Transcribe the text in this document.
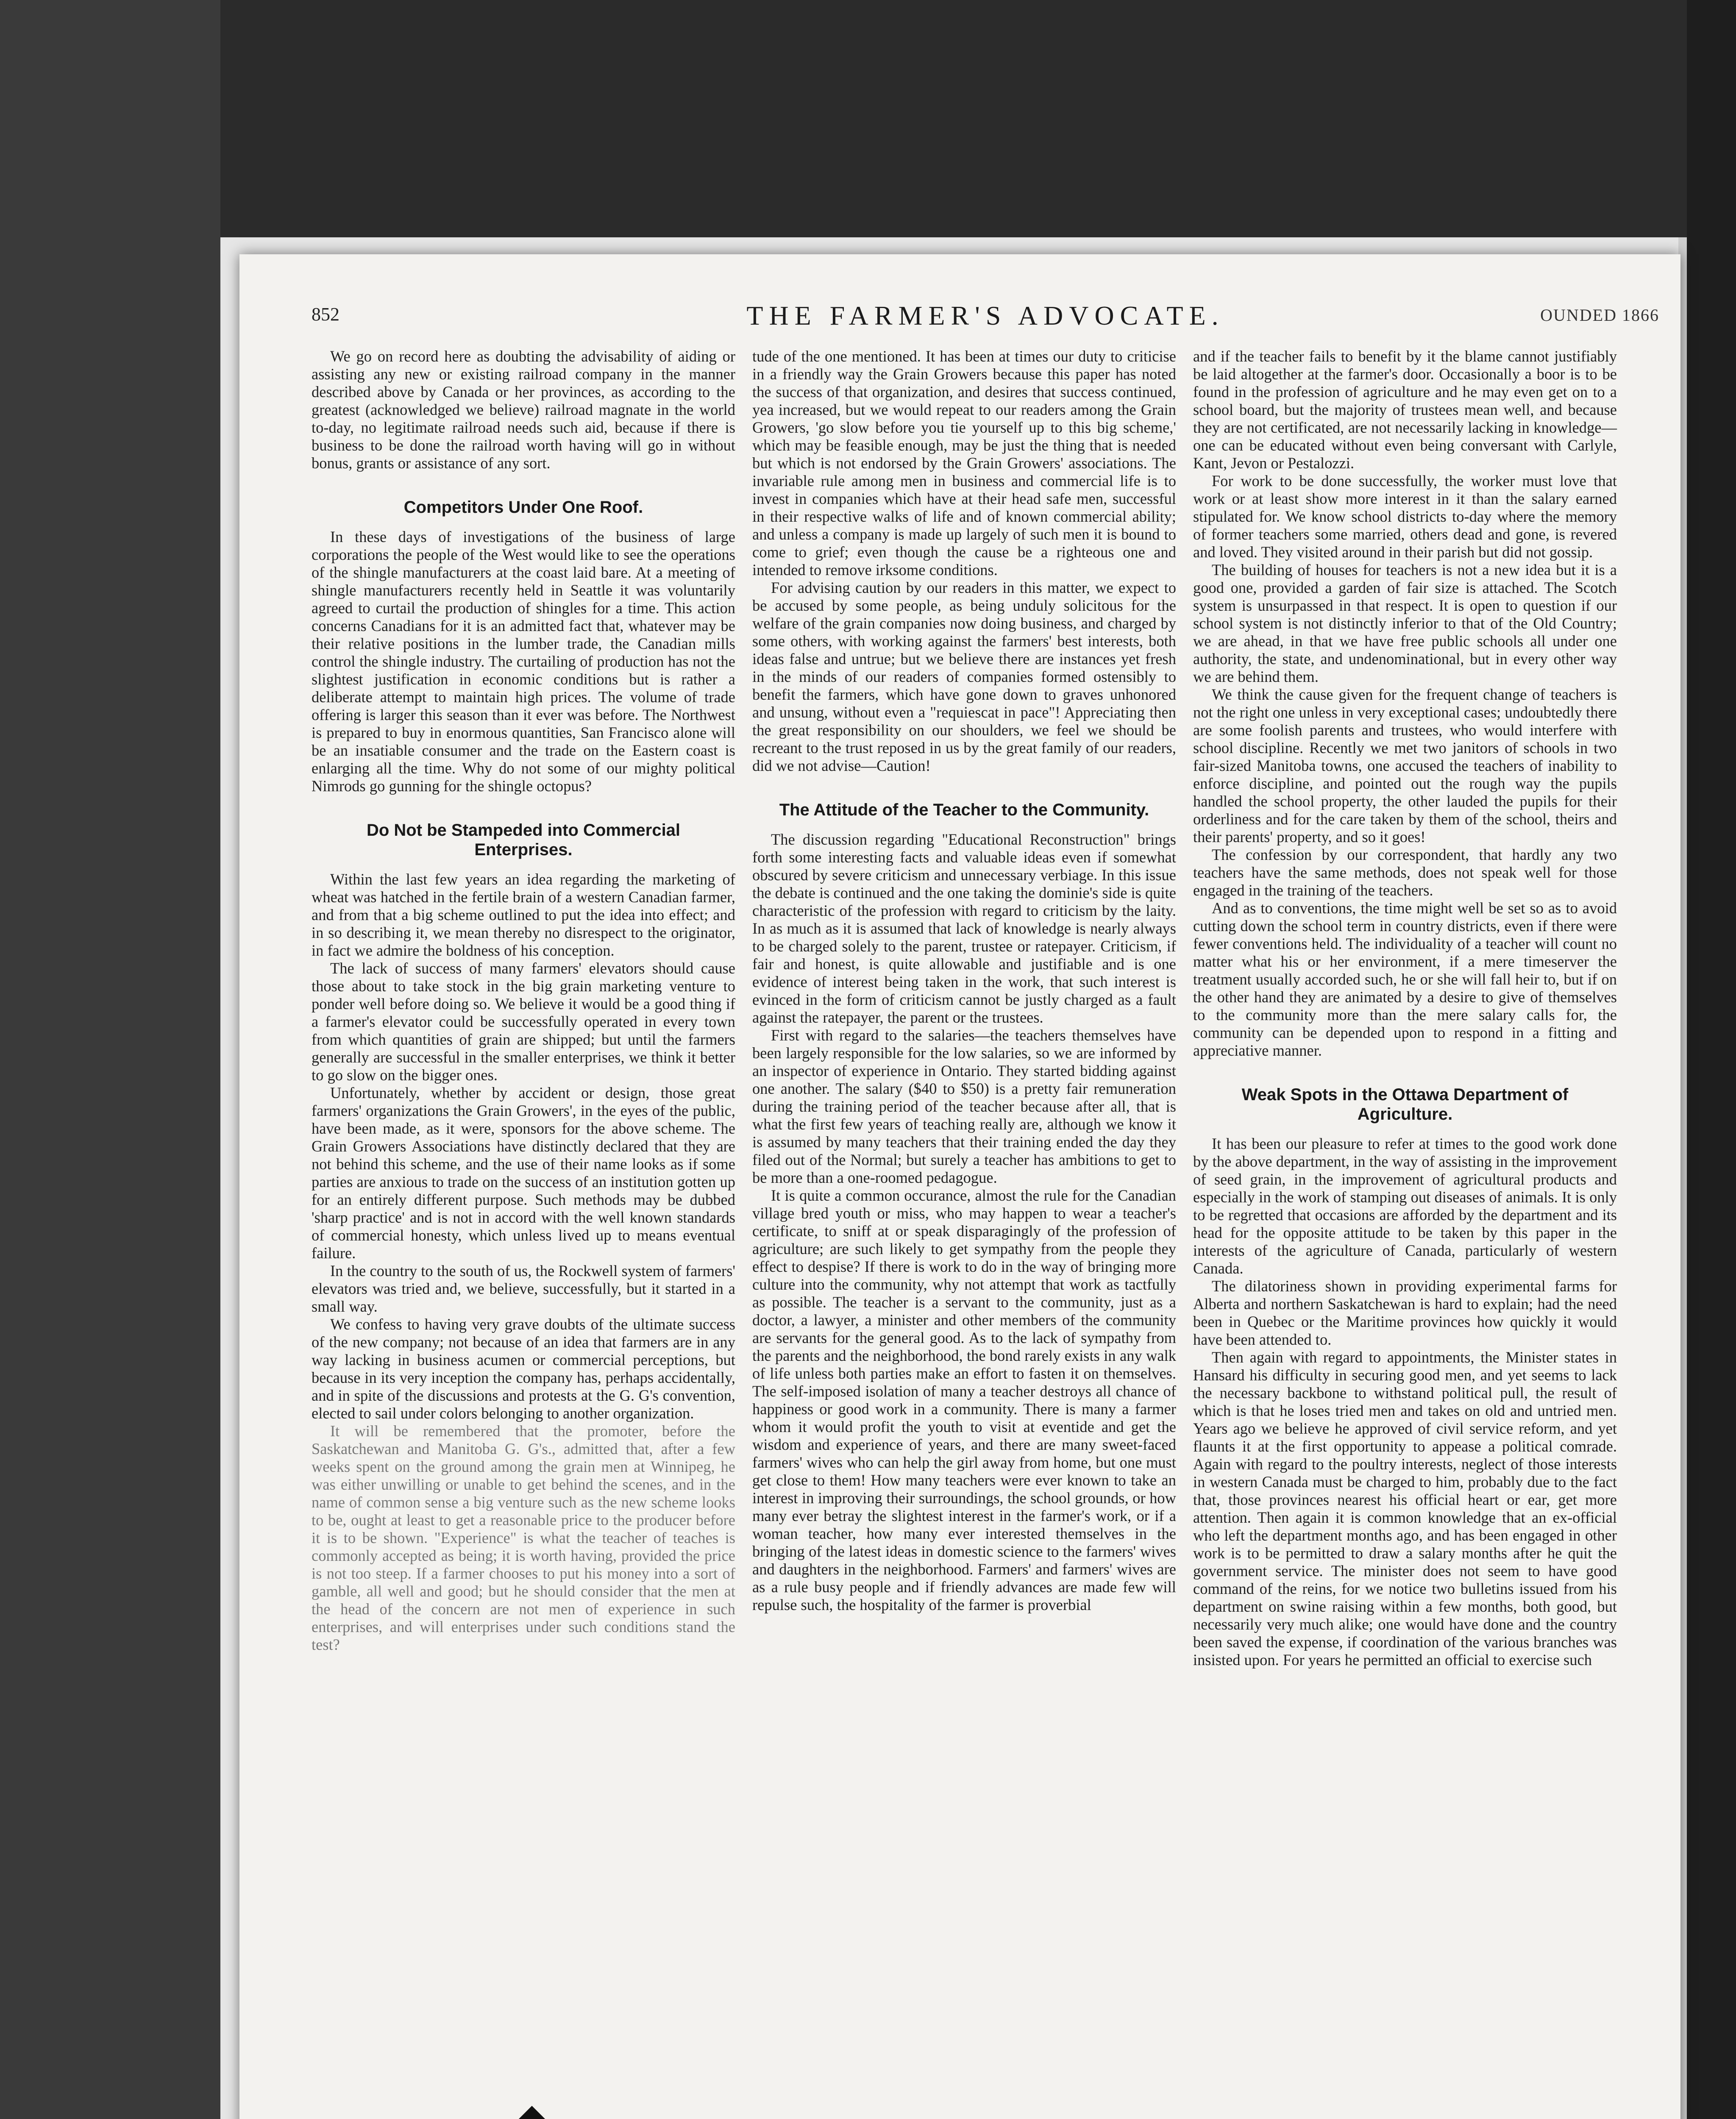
852	THE FARMER'S ADVOCATE.	OUNDED 1866

We go on record here as doubting the advisability of aiding or assisting any new or existing railroad company in the manner described above by Canada or her provinces, as according to the greatest (acknowledged we believe) railroad magnate in the world to-day, no legitimate railroad needs such aid, because if there is business to be done the railroad worth having will go in without bonus, grants or assistance of any sort.

Competitors Under One Roof.

In these days of investigations of the business of large corporations the people of the West would like to see the operations of the shingle manufacturers at the coast laid bare. At a meeting of shingle manufacturers recently held in Seattle it was voluntarily agreed to curtail the production of shingles for a time. This action concerns Canadians for it is an admitted fact that, whatever may be their relative positions in the lumber trade, the Canadian mills control the shingle industry. The curtailing of production has not the slightest justification in economic conditions but is rather a deliberate attempt to maintain high prices. The volume of trade offering is larger this season than it ever was before. The Northwest is prepared to buy in enormous quantities, San Francisco alone will be an insatiable consumer and the trade on the Eastern coast is enlarging all the time. Why do not some of our mighty political Nimrods go gunning for the shingle octopus?

Do Not be Stampeded into Commercial Enterprises.

Within the last few years an idea regarding the marketing of wheat was hatched in the fertile brain of a western Canadian farmer, and from that a big scheme outlined to put the idea into effect; and in so describing it, we mean thereby no disrespect to the originator, in fact we admire the boldness of his conception.

The lack of success of many farmers' elevators should cause those about to take stock in the big grain marketing venture to ponder well before doing so. We believe it would be a good thing if a farmer's elevator could be successfully operated in every town from which quantities of grain are shipped; but until the farmers generally are successful in the smaller enterprises, we think it better to go slow on the bigger ones.

Unfortunately, whether by accident or design, those great farmers' organizations the Grain Growers', in the eyes of the public, have been made, as it were, sponsors for the above scheme. The Grain Growers Associations have distinctly declared that they are not behind this scheme, and the use of their name looks as if some parties are anxious to trade on the success of an institution gotten up for an entirely different purpose. Such methods may be dubbed 'sharp practice' and is not in accord with the well known standards of commercial honesty, which unless lived up to means eventual failure.

In the country to the south of us, the Rockwell system of farmers' elevators was tried and, we believe, successfully, but it started in a small way.

We confess to having very grave doubts of the ultimate success of the new company; not because of an idea that farmers are in any way lacking in business acumen or commercial perceptions, but because in its very inception the company has, perhaps accidentally, and in spite of the discussions and protests at the G. G's convention, elected to sail under colors belonging to another organization.

It will be remembered that the promoter, before the Saskatchewan and Manitoba G. G's., admitted that, after a few weeks spent on the ground among the grain men at Winnipeg, he was either unwilling or unable to get behind the scenes, and in the name of common sense a big venture such as the new scheme looks to be, ought at least to get a reasonable price to the producer before it is to be shown. "Experience" is what the teacher of teaches is commonly accepted as being; it is worth having, provided the price is not too steep. If a farmer chooses to put his money into a sort of gamble, all well and good; but he should consider that the men at the head of the concern are not men of experience in such enterprises, and will enterprises under such conditions stand the test?

tude of the one mentioned. It has been at times our duty to criticise in a friendly way the Grain Growers because this paper has noted the success of that organization, and desires that success continued, yea increased, but we would repeat to our readers among the Grain Growers, 'go slow before you tie yourself up to this big scheme,' which may be feasible enough, may be just the thing that is needed but which is not endorsed by the Grain Growers' associations. The invariable rule among men in business and commercial life is to invest in companies which have at their head safe men, successful in their respective walks of life and of known commercial ability; and unless a company is made up largely of such men it is bound to come to grief; even though the cause be a righteous one and intended to remove irksome conditions.

For advising caution by our readers in this matter, we expect to be accused by some people, as being unduly solicitous for the welfare of the grain companies now doing business, and charged by some others, with working against the farmers' best interests, both ideas false and untrue; but we believe there are instances yet fresh in the minds of our readers of companies formed ostensibly to benefit the farmers, which have gone down to graves unhonored and unsung, without even a "requiescat in pace"! Appreciating then the great responsibility on our shoulders, we feel we should be recreant to the trust reposed in us by the great family of our readers, did we not advise—Caution!

The Attitude of the Teacher to the Community.

The discussion regarding "Educational Reconstruction" brings forth some interesting facts and valuable ideas even if somewhat obscured by severe criticism and unnecessary verbiage. In this issue the debate is continued and the one taking the dominie's side is quite characteristic of the profession with regard to criticism by the laity. In as much as it is assumed that lack of knowledge is nearly always to be charged solely to the parent, trustee or ratepayer. Criticism, if fair and honest, is quite allowable and justifiable and is one evidence of interest being taken in the work, that such interest is evinced in the form of criticism cannot be justly charged as a fault against the ratepayer, the parent or the trustees.

First with regard to the salaries—the teachers themselves have been largely responsible for the low salaries, so we are informed by an inspector of experience in Ontario. They started bidding against one another. The salary ($40 to $50) is a pretty fair remuneration during the training period of the teacher because after all, that is what the first few years of teaching really are, although we know it is assumed by many teachers that their training ended the day they filed out of the Normal; but surely a teacher has ambitions to get to be more than a one-roomed pedagogue.

It is quite a common occurance, almost the rule for the Canadian village bred youth or miss, who may happen to wear a teacher's certificate, to sniff at or speak disparagingly of the profession of agriculture; are such likely to get sympathy from the people they effect to despise? If there is work to do in the way of bringing more culture into the community, why not attempt that work as tactfully as possible. The teacher is a servant to the community, just as a doctor, a lawyer, a minister and other members of the community are servants for the general good. As to the lack of sympathy from the parents and the neighborhood, the bond rarely exists in any walk of life unless both parties make an effort to fasten it on themselves. The self-imposed isolation of many a teacher destroys all chance of happiness or good work in a community. There is many a farmer whom it would profit the youth to visit at eventide and get the wisdom and experience of years, and there are many sweet-faced farmers' wives who can help the girl away from home, but one must get close to them! How many teachers were ever known to take an interest in improving their surroundings, the school grounds, or how many ever betray the slightest interest in the farmer's work, or if a woman teacher, how many ever interested themselves in the bringing of the latest ideas in domestic science to the farmers' wives and daughters in the neighborhood. Farmers' and farmers' wives are as a rule busy people and if friendly advances are made few will repulse such, the hospitality of the farmer is proverbial

and if the teacher fails to benefit by it the blame cannot justifiably be laid altogether at the farmer's door. Occasionally a boor is to be found in the profession of agriculture and he may even get on to a school board, but the majority of trustees mean well, and because they are not certificated, are not necessarily lacking in knowledge—one can be educated without even being conversant with Carlyle, Kant, Jevon or Pestalozzi.

For work to be done successfully, the worker must love that work or at least show more interest in it than the salary earned stipulated for. We know school districts to-day where the memory of former teachers some married, others dead and gone, is revered and loved. They visited around in their parish but did not gossip.

The building of houses for teachers is not a new idea but it is a good one, provided a garden of fair size is attached. The Scotch system is unsurpassed in that respect. It is open to question if our school system is not distinctly inferior to that of the Old Country; we are ahead, in that we have free public schools all under one authority, the state, and undenominational, but in every other way we are behind them.

We think the cause given for the frequent change of teachers is not the right one unless in very exceptional cases; undoubtedly there are some foolish parents and trustees, who would interfere with school discipline. Recently we met two janitors of schools in two fair-sized Manitoba towns, one accused the teachers of inability to enforce discipline, and pointed out the rough way the pupils handled the school property, the other lauded the pupils for their orderliness and for the care taken by them of the school, theirs and their parents' property, and so it goes!

The confession by our correspondent, that hardly any two teachers have the same methods, does not speak well for those engaged in the training of the teachers.

And as to conventions, the time might well be set so as to avoid cutting down the school term in country districts, even if there were fewer conventions held. The individuality of a teacher will count no matter what his or her environment, if a mere timeserver the treatment usually accorded such, he or she will fall heir to, but if on the other hand they are animated by a desire to give of themselves to the community more than the mere salary calls for, the community can be depended upon to respond in a fitting and appreciative manner.

Weak Spots in the Ottawa Department of Agriculture.

It has been our pleasure to refer at times to the good work done by the above department, in the way of assisting in the improvement of seed grain, in the improvement of agricultural products and especially in the work of stamping out diseases of animals. It is only to be regretted that occasions are afforded by the department and its head for the opposite attitude to be taken by this paper in the interests of the agriculture of Canada, particularly of western Canada.

The dilatoriness shown in providing experimental farms for Alberta and northern Saskatchewan is hard to explain; had the need been in Quebec or the Maritime provinces how quickly it would have been attended to.

Then again with regard to appointments, the Minister states in Hansard his difficulty in securing good men, and yet seems to lack the necessary backbone to withstand political pull, the result of which is that he loses tried men and takes on old and untried men. Years ago we believe he approved of civil service reform, and yet flaunts it at the first opportunity to appease a political comrade. Again with regard to the poultry interests, neglect of those interests in western Canada must be charged to him, probably due to the fact that, those provinces nearest his official heart or ear, get more attention. Then again it is common knowledge that an ex-official who left the department months ago, and has been engaged in other work is to be permitted to draw a salary months after he quit the government service. The minister does not seem to have good command of the reins, for we notice two bulletins issued from his department on swine raising within a few months, both good, but necessarily very much alike; one would have done and the country been saved the expense, if coordination of the various branches was insisted upon. For years he permitted an official to exercise such
